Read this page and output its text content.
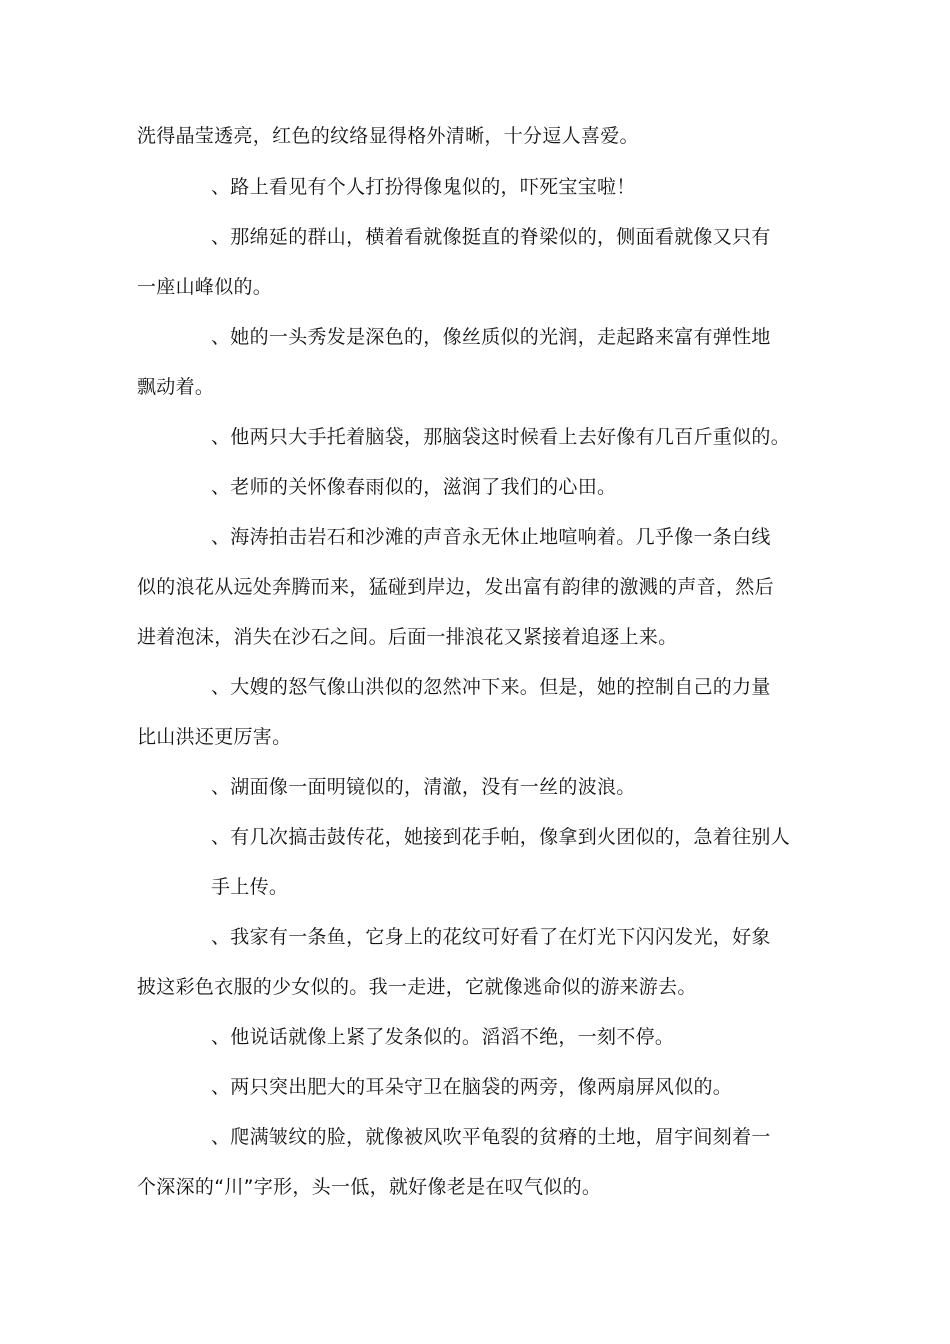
洗得晶莹透亮，红色的纹络显得格外清晰，十分逗人喜爱。
、路上看见有个人打扮得像鬼似的，吓死宝宝啦！
、那绵延的群山，横着看就像挺直的脊梁似的，侧面看就像又只有
一座山峰似的。
、她的一头秀发是深色的，像丝质似的光润，走起路来富有弹性地
飘动着。
、他两只大手托着脑袋，那脑袋这时候看上去好像有几百斤重似的。
、老师的关怀像春雨似的，滋润了我们的心田。
、海涛拍击岩石和沙滩的声音永无休止地喧响着。几乎像一条白线
似的浪花从远处奔腾而来，猛碰到岸边，发出富有韵律的激溅的声音，然后
进着泡沫，消失在沙石之间。后面一排浪花又紧接着追逐上来。
、大嫂的怒气像山洪似的忽然冲下来。但是，她的控制自己的力量
比山洪还更厉害。
、湖面像一面明镜似的，清澈，没有一丝的波浪。
、有几次搞击鼓传花，她接到花手帕，像拿到火团似的，急着往别人
手上传。
、我家有一条鱼，它身上的花纹可好看了在灯光下闪闪发光，好象
披这彩色衣服的少女似的。我一走进，它就像逃命似的游来游去。
、他说话就像上紧了发条似的。滔滔不绝，一刻不停。
、两只突出肥大的耳朵守卫在脑袋的两旁，像两扇屏风似的。
、爬满皱纹的脸，就像被风吹平龟裂的贫瘠的土地，眉宇间刻着一
个深深的“川”字形，头一低，就好像老是在叹气似的。
